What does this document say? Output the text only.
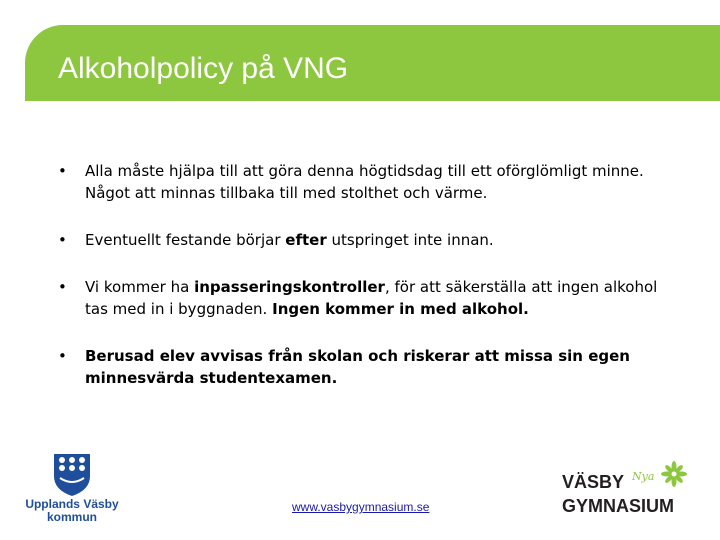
Alkoholpolicy på VNG
• Alla måste hjälpa till att göra denna högtidsdag till ett oförglömligt minne. Något att minnas tillbaka till med stolthet och värme.
• Eventuellt festande börjar efter utspringet inte innan.
• Vi kommer ha inpasseringskontroller, för att säkerställa att ingen alkohol tas med in i byggnaden. Ingen kommer in med alkohol.
• Berusad elev avvisas från skolan och riskerar att missa sin egen minnesvärda studentexamen.
Upplands Väsby
kommun
www.vasbygymnasium.se
VÄSBY Nya
GYMNASIUM
